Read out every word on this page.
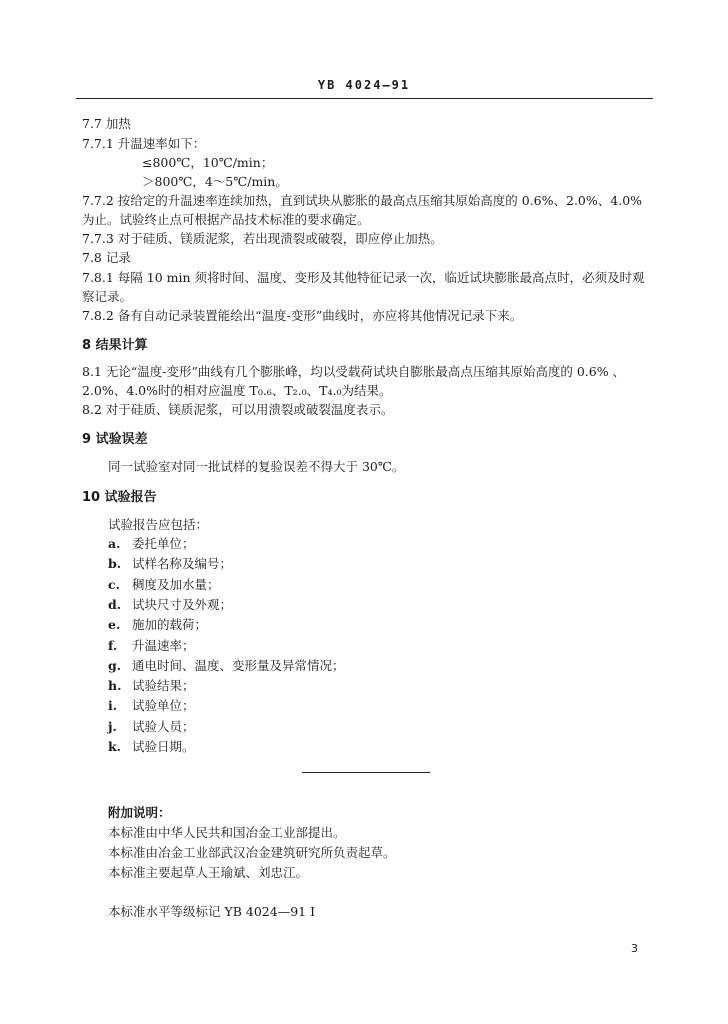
YB 4024—91
7.7 加热
7.7.1 升温速率如下：
≤800℃，10℃/min；
＞800℃，4～5℃/min。
7.7.2 按给定的升温速率连续加热，直到试块从膨胀的最高点压缩其原始高度的 0.6%、2.0%、4.0%
为止。试验终止点可根据产品技术标准的要求确定。
7.7.3 对于硅质、镁质泥浆，若出现溃裂或破裂，即应停止加热。
7.8 记录
7.8.1 每隔 10 min 须将时间、温度、变形及其他特征记录一次，临近试块膨胀最高点时，必须及时观
察记录。
7.8.2 备有自动记录装置能绘出“温度-变形”曲线时，亦应将其他情况记录下来。
8 结果计算
8.1 无论“温度-变形”曲线有几个膨胀峰，均以受载荷试块自膨胀最高点压缩其原始高度的 0.6% 、
2.0%、4.0%时的相对应温度 T₀.₆、T₂.₀、T₄.₀为结果。
8.2 对于硅质、镁质泥浆，可以用溃裂或破裂温度表示。
9 试验误差
同一试验室对同一批试样的复验误差不得大于 30℃。
10 试验报告
试验报告应包括：
a. 委托单位；
b. 试样名称及编号；
c. 稠度及加水量；
d. 试块尺寸及外观；
e. 施加的载荷；
f. 升温速率；
g. 通电时间、温度、变形量及异常情况；
h. 试验结果；
i. 试验单位；
j. 试验人员；
k. 试验日期。
附加说明：
本标准由中华人民共和国冶金工业部提出。
本标准由冶金工业部武汉冶金建筑研究所负责起草。
本标准主要起草人王瑜斌、刘忠江。
本标准水平等级标记 YB 4024—91 I
3
